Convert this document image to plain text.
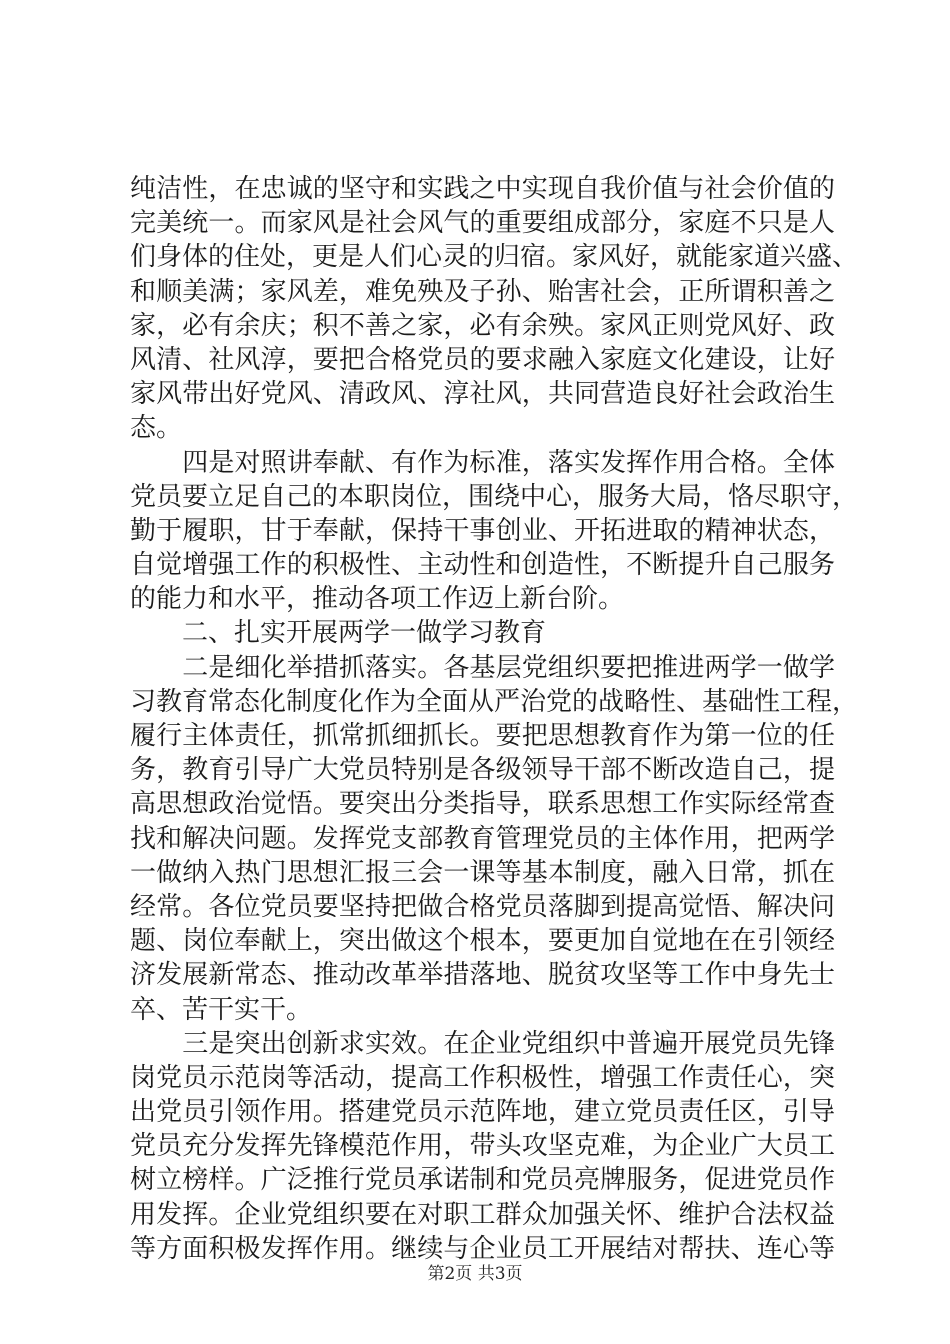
纯洁性，在忠诚的坚守和实践之中实现自我价值与社会价值的
完美统一。而家风是社会风气的重要组成部分，家庭不只是人
们身体的住处，更是人们心灵的归宿。家风好，就能家道兴盛、
和顺美满；家风差，难免殃及子孙、贻害社会，正所谓积善之
家，必有余庆；积不善之家，必有余殃。家风正则党风好、政
风清、社风淳，要把合格党员的要求融入家庭文化建设，让好
家风带出好党风、清政风、淳社风，共同营造良好社会政治生
态。
　　四是对照讲奉献、有作为标准，落实发挥作用合格。全体
党员要立足自己的本职岗位，围绕中心，服务大局，恪尽职守，
勤于履职，甘于奉献，保持干事创业、开拓进取的精神状态，
自觉增强工作的积极性、主动性和创造性，不断提升自己服务
的能力和水平，推动各项工作迈上新台阶。
　　二、扎实开展两学一做学习教育
　　二是细化举措抓落实。各基层党组织要把推进两学一做学
习教育常态化制度化作为全面从严治党的战略性、基础性工程，
履行主体责任，抓常抓细抓长。要把思想教育作为第一位的任
务，教育引导广大党员特别是各级领导干部不断改造自己，提
高思想政治觉悟。要突出分类指导，联系思想工作实际经常查
找和解决问题。发挥党支部教育管理党员的主体作用，把两学
一做纳入热门思想汇报三会一课等基本制度，融入日常，抓在
经常。各位党员要坚持把做合格党员落脚到提高觉悟、解决问
题、岗位奉献上，突出做这个根本，要更加自觉地在在引领经
济发展新常态、推动改革举措落地、脱贫攻坚等工作中身先士
卒、苦干实干。
　　三是突出创新求实效。在企业党组织中普遍开展党员先锋
岗党员示范岗等活动，提高工作积极性，增强工作责任心，突
出党员引领作用。搭建党员示范阵地，建立党员责任区，引导
党员充分发挥先锋模范作用，带头攻坚克难，为企业广大员工
树立榜样。广泛推行党员承诺制和党员亮牌服务，促进党员作
用发挥。企业党组织要在对职工群众加强关怀、维护合法权益
等方面积极发挥作用。继续与企业员工开展结对帮扶、连心等
第2页 共3页
